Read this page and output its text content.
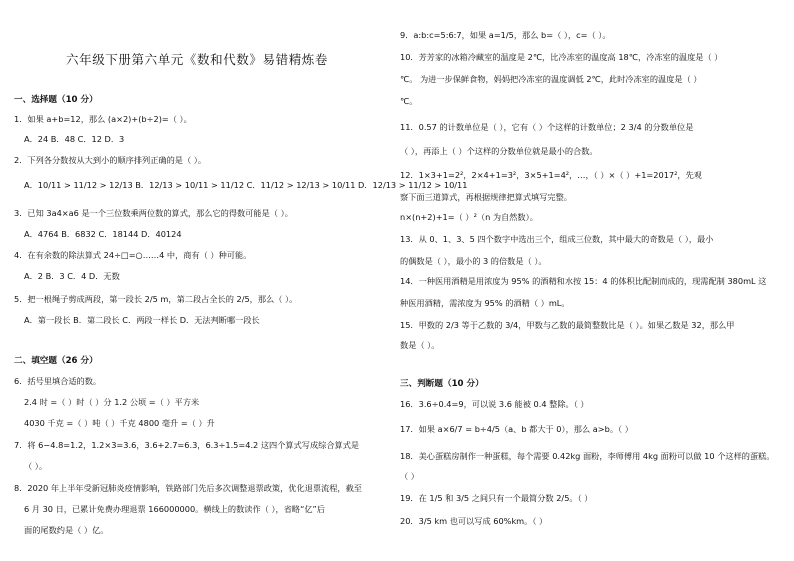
六年级下册第六单元《数和代数》易错精炼卷
一、选择题（10 分）
1．如果 a+b=12，那么 (a×2)+(b÷2)=（ ）。
A．24 B．48 C．12 D．3
2．下列各分数按从大到小的顺序排列正确的是（ ）。
A．10/11 > 11/12 > 12/13 B．12/13 > 10/11 > 11/12 C．11/12 > 12/13 > 10/11 D．12/13 > 11/12 > 10/11
3．已知 3a4×a6 是一个三位数乘两位数的算式，那么它的得数可能是（ ）。
A．4764 B．6832 C．18144 D．40124
4．在有余数的除法算式 24÷□=○……4 中，商有（ ）种可能。
A．2 B．3 C．4 D．无数
5．把一根绳子剪成两段，第一段长 2/5 m，第二段占全长的 2/5，那么（ ）。
A．第一段长 B．第二段长 C．两段一样长 D．无法判断哪一段长
二、填空题（26 分）
6．括号里填合适的数。
2.4 时 =（ ）时（ ）分 1.2 公顷 =（ ）平方米
4030 千克 =（ ）吨（ ）千克 4800 毫升 =（ ）升
7．将 6−4.8=1.2，1.2×3=3.6，3.6+2.7=6.3，6.3÷1.5=4.2 这四个算式写成综合算式是
（ ）。
8．2020 年上半年受新冠肺炎疫情影响，铁路部门先后多次调整退票政策，优化退票流程，截至
6 月 30 日，已累计免费办理退票 166000000。横线上的数读作（ ），省略“亿”后
面的尾数约是（ ）亿。
9．a:b:c=5:6:7，如果 a=1/5，那么 b=（ ），c=（ ）。
10．芳芳家的冰箱冷藏室的温度是 2℃，比冷冻室的温度高 18℃，冷冻室的温度是（ ）
℃。 为进一步保鲜食物，妈妈把冷冻室的温度调低 2℃，此时冷冻室的温度是（ ）
℃。
11．0.57 的计数单位是（ ），它有（ ）个这样的计数单位；2 3/4 的分数单位是
（ ），再添上（ ）个这样的分数单位就是最小的合数。
12．1×3+1=2²，2×4+1=3²，3×5+1=4²，…，（ ）×（ ）+1=2017²，先观
察下面三道算式，再根据规律把算式填写完整。
n×(n+2)+1=（ ）²（n 为自然数）。
13．从 0、1、3、5 四个数字中选出三个，组成三位数，其中最大的奇数是（ ），最小
的偶数是（ ），最小的 3 的倍数是（ ）。
14．一种医用酒精是用浓度为 95% 的酒精和水按 15：4 的体积比配制而成的，现需配制 380mL 这
种医用酒精，需浓度为 95% 的酒精（ ）mL。
15．甲数的 2/3 等于乙数的 3/4，甲数与乙数的最简整数比是（ ）。如果乙数是 32，那么甲
数是（ ）。
三、判断题（10 分）
16．3.6÷0.4=9，可以说 3.6 能被 0.4 整除。（ ）
17．如果 a×6/7 = b÷4/5（a、b 都大于 0），那么 a>b。（ ）
18．美心蛋糕房制作一种蛋糕，每个需要 0.42kg 面粉，李师傅用 4kg 面粉可以做 10 个这样的蛋糕。
（ ）
19．在 1/5 和 3/5 之间只有一个最简分数 2/5。（ ）
20．3/5 km 也可以写成 60%km。（ ）
